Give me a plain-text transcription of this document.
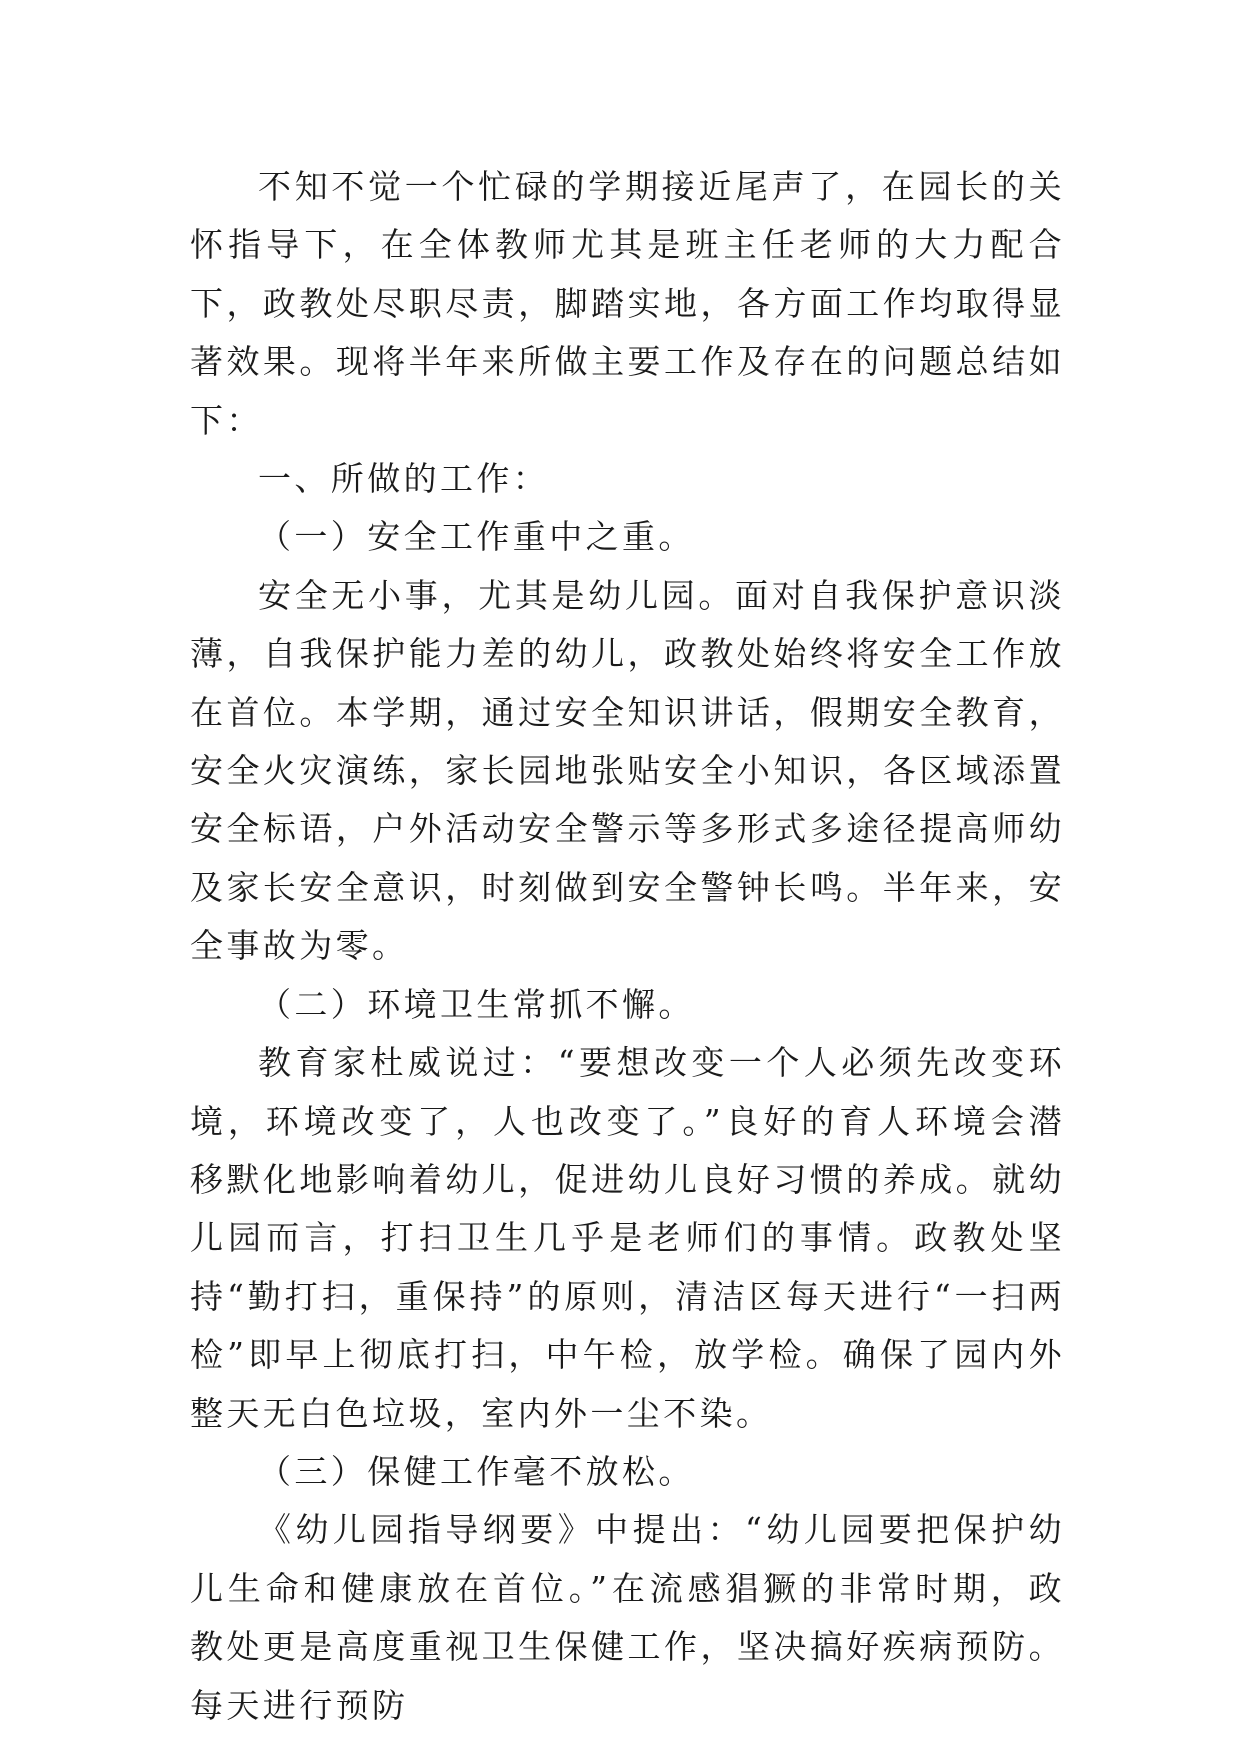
不知不觉一个忙碌的学期接近尾声了，在园长的关怀指导下，在全体教师尤其是班主任老师的大力配合下，政教处尽职尽责，脚踏实地，各方面工作均取得显著效果。现将半年来所做主要工作及存在的问题总结如下：

一、所做的工作：

（一）安全工作重中之重。

安全无小事，尤其是幼儿园。面对自我保护意识淡薄，自我保护能力差的幼儿，政教处始终将安全工作放在首位。本学期，通过安全知识讲话，假期安全教育，安全火灾演练，家长园地张贴安全小知识，各区域添置安全标语，户外活动安全警示等多形式多途径提高师幼及家长安全意识，时刻做到安全警钟长鸣。半年来，安全事故为零。

（二）环境卫生常抓不懈。

教育家杜威说过：“要想改变一个人必须先改变环境，环境改变了，人也改变了。”良好的育人环境会潜移默化地影响着幼儿，促进幼儿良好习惯的养成。就幼儿园而言，打扫卫生几乎是老师们的事情。政教处坚持“勤打扫，重保持”的原则，清洁区每天进行“一扫两检”即早上彻底打扫，中午检，放学检。确保了园内外整天无白色垃圾，室内外一尘不染。

（三）保健工作毫不放松。

《幼儿园指导纲要》中提出：“幼儿园要把保护幼儿生命和健康放在首位。”在流感猖獗的非常时期，政教处更是高度重视卫生保健工作，坚决搞好疾病预防。每天进行预防
